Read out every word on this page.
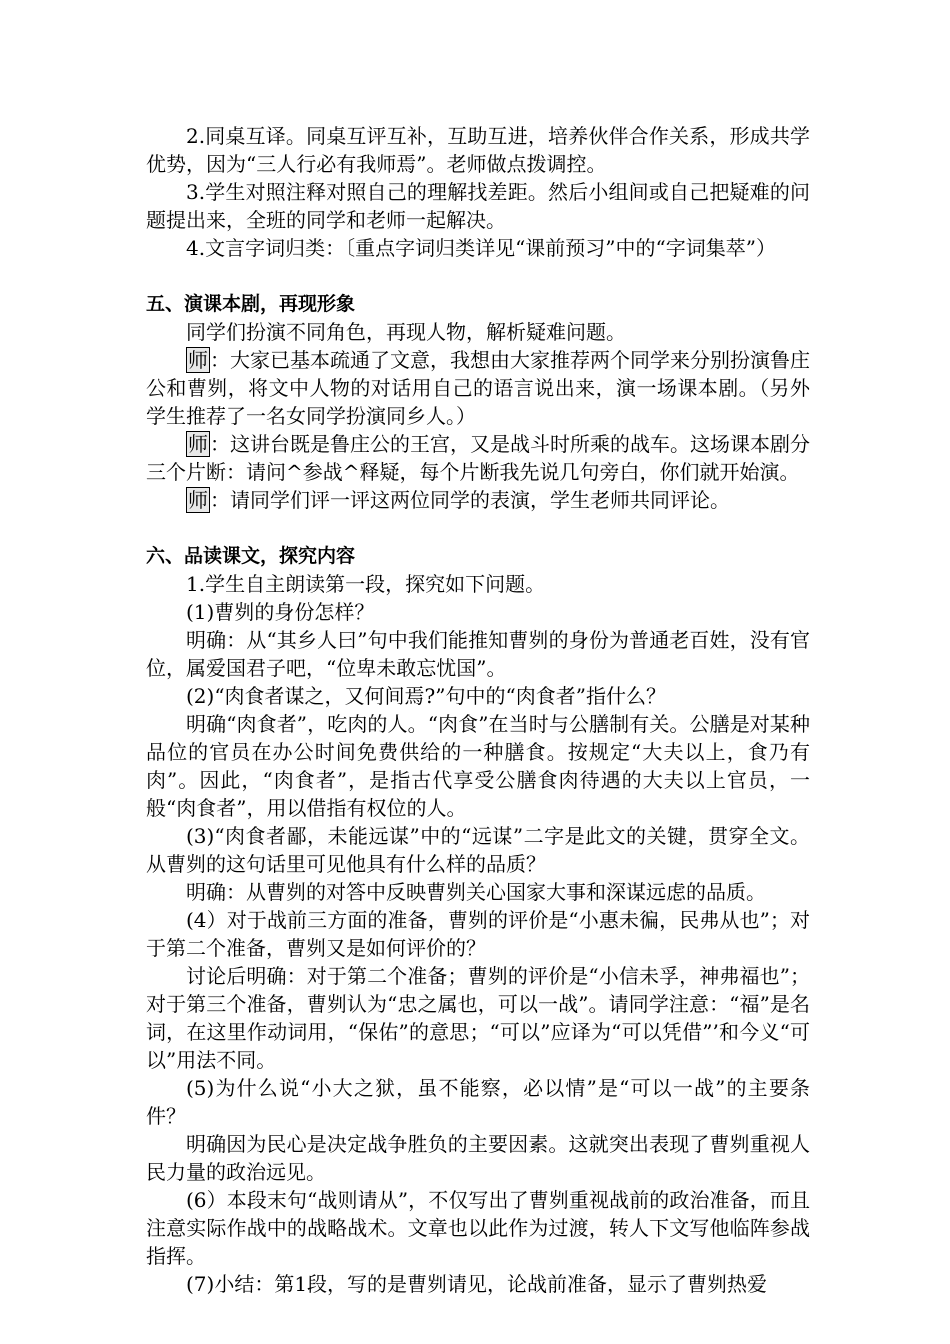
2.同桌互译。同桌互评互补，互助互进，培养伙伴合作关系，形成共学优势，因为“三人行必有我师焉”。老师做点拨调控。

3.学生对照注释对照自己的理解找差距。然后小组间或自己把疑难的问题提出来，全班的同学和老师一起解决。

4.文言字词归类：〔重点字词归类详见“课前预习”中的“字词集萃”）

五、演课本剧，再现形象

同学们扮演不同角色，再现人物，解析疑难问题。

师 ：大家已基本疏通了文意，我想由大家推荐两个同学来分别扮演鲁庄公和曹刿，将文中人物的对话用自己的语言说出来，演一场课本剧。（另外学生推荐了一名女同学扮演同乡人。）

师 ：这讲台既是鲁庄公的王宫，又是战斗时所乘的战车。这场课本剧分三个片断：请问^参战^释疑，每个片断我先说几句旁白，你们就开始演。

师 ：请同学们评一评这两位同学的表演，学生老师共同评论。

六、品读课文，探究内容

1.学生自主朗读第一段，探究如下问题。

(1)曹刿的身份怎样？

明确：从“其乡人曰”句中我们能推知曹刿的身份为普通老百姓，没有官位，属爱国君子吧，“位卑未敢忘忧国”。

(2)“肉食者谋之，又何间焉?”句中的“肉食者”指什么？

明确“肉食者”，吃肉的人。“肉食”在当时与公膳制有关。公膳是对某种品位的官员在办公时间免费供给的一种膳食。按规定“大夫以上，食乃有肉”。因此，“肉食者”，是指古代享受公膳食肉待遇的大夫以上官员，一般“肉食者”，用以借指有权位的人。

(3)“肉食者鄙，未能远谋”中的“远谋”二字是此文的关键，贯穿全文。从曹刿的这句话里可见他具有什么样的品质？

明确：从曹刿的对答中反映曹刿关心国家大事和深谋远虑的品质。

(4）对于战前三方面的准备，曹刿的评价是“小惠未徧，民弗从也”；对于第二个准备，曹刿又是如何评价的？

讨论后明确：对于第二个准备；曹刿的评价是“小信未孚，神弗福也”；对于第三个准备，曹刿认为“忠之属也，可以一战”。请同学注意：“福”是名词，在这里作动词用，“保佑”的意思；“可以”应译为“可以凭借”’和今义“可以”用法不同。

(5)为什么说“小大之狱，虽不能察，必以情”是“可以一战”的主要条件？

明确因为民心是决定战争胜负的主要因素。这就突出表现了曹刿重视人民力量的政治远见。

(6）本段末句“战则请从”，不仅写出了曹刿重视战前的政治准备，而且注意实际作战中的战略战术。文章也以此作为过渡，转人下文写他临阵参战指挥。

(7)小结：第1段，写的是曹刿请见，论战前准备，显示了曹刿热爱
